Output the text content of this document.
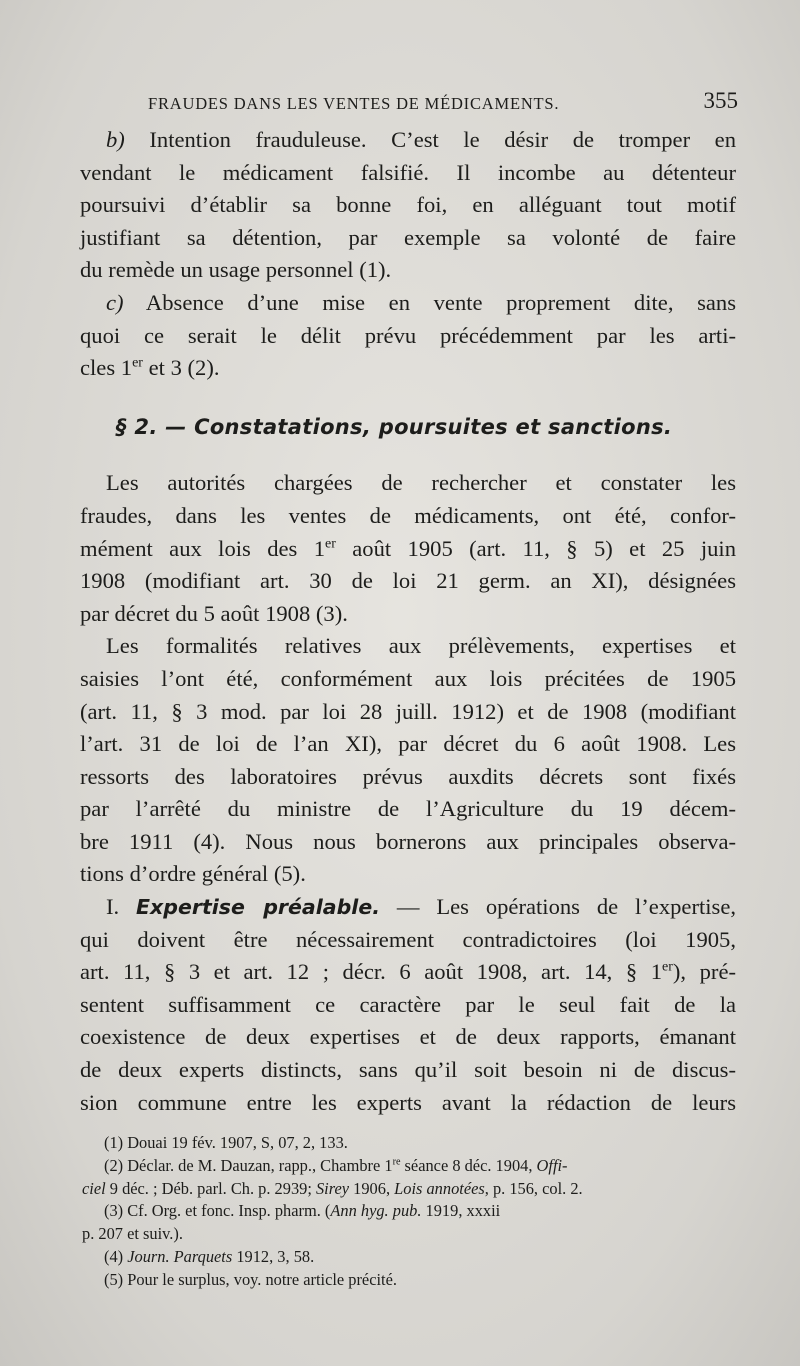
FRAUDES DANS LES VENTES DE MÉDICAMENTS.	355
b) Intention frauduleuse. C’est le désir de tromper en
vendant le médicament falsifié. Il incombe au détenteur
poursuivi d’établir sa bonne foi, en alléguant tout motif
justifiant sa détention, par exemple sa volonté de faire
du remède un usage personnel (1).
c) Absence d’une mise en vente proprement dite, sans
quoi ce serait le délit prévu précédemment par les arti-
cles 1er et 3 (2).
§ 2. — Constatations, poursuites et sanctions.
Les autorités chargées de rechercher et constater les
fraudes, dans les ventes de médicaments, ont été, confor-
mément aux lois des 1er août 1905 (art. 11, § 5) et 25 juin
1908 (modifiant art. 30 de loi 21 germ. an XI), désignées
par décret du 5 août 1908 (3).
Les formalités relatives aux prélèvements, expertises et
saisies l’ont été, conformément aux lois précitées de 1905
(art. 11, § 3 mod. par loi 28 juill. 1912) et de 1908 (modifiant
l’art. 31 de loi de l’an XI), par décret du 6 août 1908. Les
ressorts des laboratoires prévus auxdits décrets sont fixés
par l’arrêté du ministre de l’Agriculture du 19 décem-
bre 1911 (4). Nous nous bornerons aux principales observa-
tions d’ordre général (5).
I. Expertise préalable. — Les opérations de l’expertise,
qui doivent être nécessairement contradictoires (loi 1905,
art. 11, § 3 et art. 12 ; décr. 6 août 1908, art. 14, § 1er), pré-
sentent suffisamment ce caractère par le seul fait de la
coexistence de deux expertises et de deux rapports, émanant
de deux experts distincts, sans qu’il soit besoin ni de discus-
sion commune entre les experts avant la rédaction de leurs
(1) Douai 19 fév. 1907, S, 07, 2, 133.
(2) Déclar. de M. Dauzan, rapp., Chambre 1re séance 8 déc. 1904, Offi-
ciel 9 déc. ; Déb. parl. Ch. p. 2939; Sirey 1906, Lois annotées, p. 156, col. 2.
(3) Cf. Org. et fonc. Insp. pharm. (Ann hyg. pub. 1919, xxxii
p. 207 et suiv.).
(4) Journ. Parquets 1912, 3, 58.
(5) Pour le surplus, voy. notre article précité.
